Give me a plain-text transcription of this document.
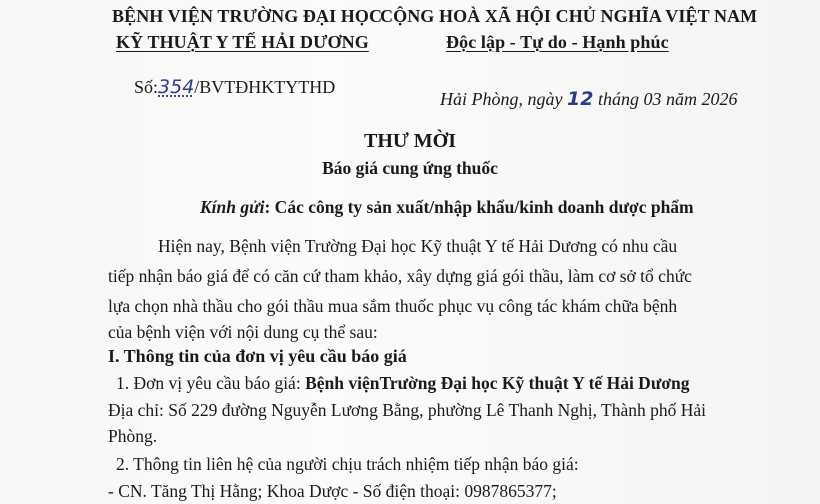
BỆNH VIỆN TRƯỜNG ĐẠI HỌC
KỸ THUẬT Y TẾ HẢI DƯƠNG
CỘNG HOÀ XÃ HỘI CHỦ NGHĨA VIỆT NAM
Độc lập - Tự do - Hạnh phúc
Số:354/BVTĐHKTYTHD
Hải Phòng, ngày 12 tháng 03 năm 2026
THƯ MỜI
Báo giá cung ứng thuốc
Kính gửi: Các công ty sản xuất/nhập khẩu/kinh doanh dược phẩm
Hiện nay, Bệnh viện Trường Đại học Kỹ thuật Y tế Hải Dương có nhu cầu
tiếp nhận báo giá để có căn cứ tham khảo, xây dựng giá gói thầu, làm cơ sở tổ chức
lựa chọn nhà thầu cho gói thầu mua sắm thuốc phục vụ công tác khám chữa bệnh
của bệnh viện với nội dung cụ thể sau:
I. Thông tin của đơn vị yêu cầu báo giá
1. Đơn vị yêu cầu báo giá: Bệnh việnTrường Đại học Kỹ thuật Y tế Hải Dương
Địa chỉ: Số 229 đường Nguyễn Lương Bằng, phường Lê Thanh Nghị, Thành phố Hải
Phòng.
2. Thông tin liên hệ của người chịu trách nhiệm tiếp nhận báo giá:
- CN. Tăng Thị Hằng; Khoa Dược - Số điện thoại: 0987865377;
